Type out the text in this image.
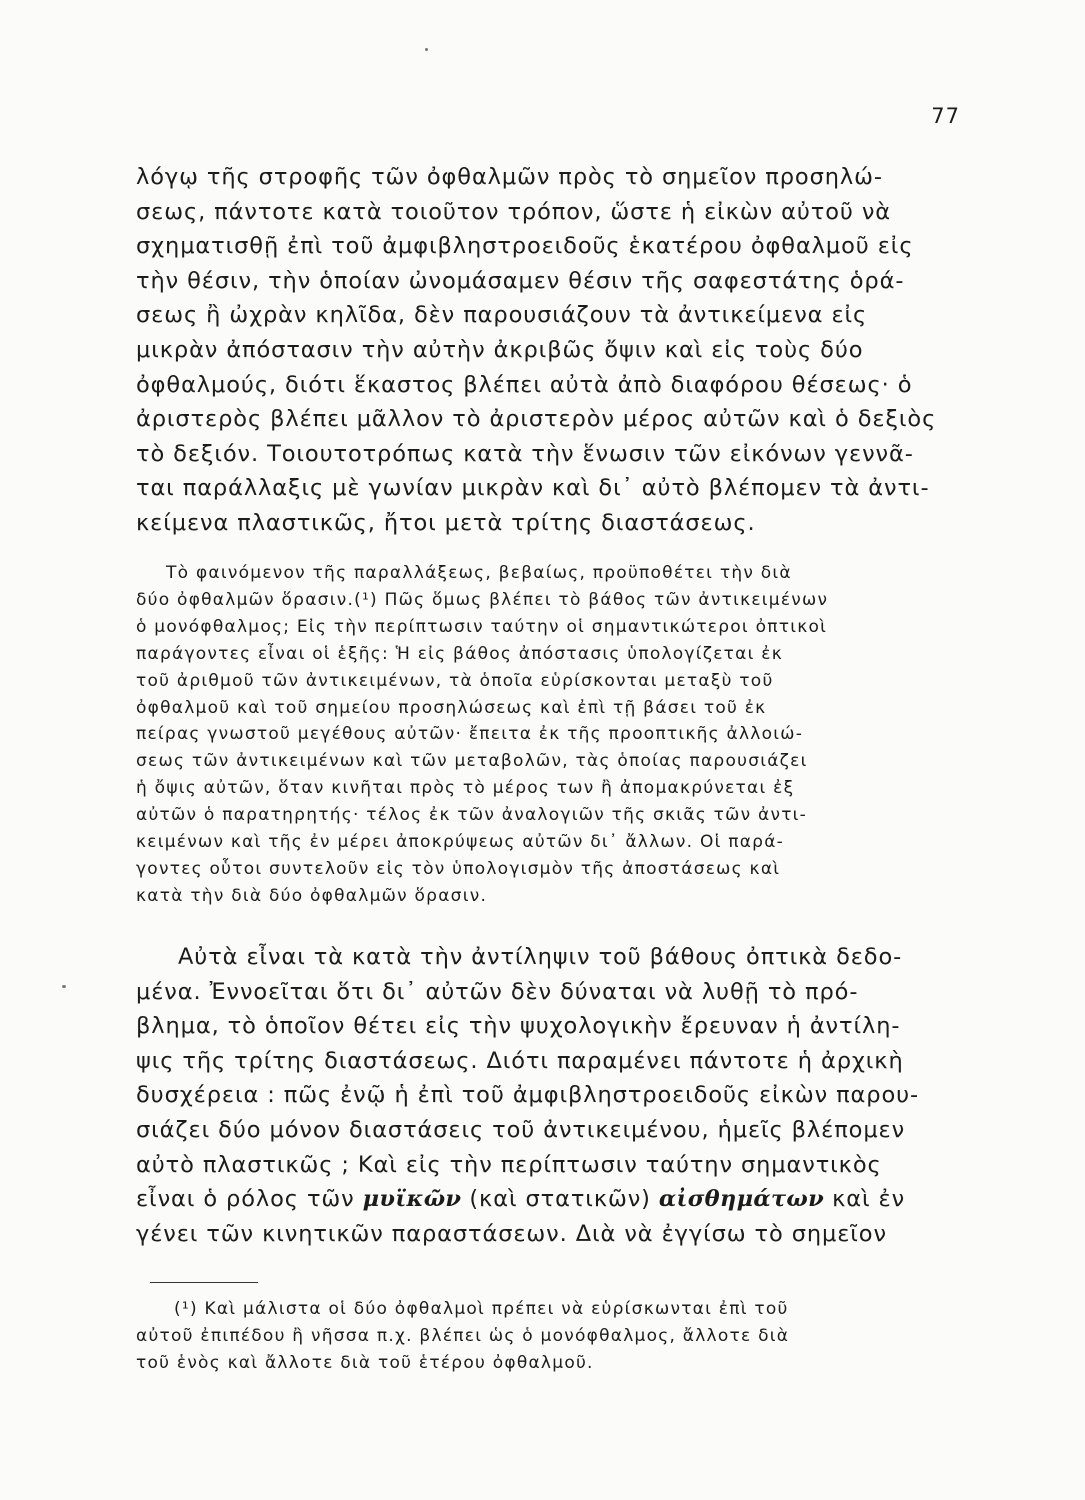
77

λόγῳ τῆς στροφῆς τῶν ὀφθαλμῶν πρὸς τὸ σημεῖον προσηλώ-
σεως, πάντοτε κατὰ τοιοῦτον τρόπον, ὥστε ἡ εἰκὼν αὐτοῦ νὰ
σχηματισθῇ ἐπὶ τοῦ ἀμφιβληστροειδοῦς ἑκατέρου ὀφθαλμοῦ εἰς
τὴν θέσιν, τὴν ὁποίαν ὠνομάσαμεν θέσιν τῆς σαφεστάτης ὁρά-
σεως ἢ ὠχρὰν κηλῖδα, δὲν παρουσιάζουν τὰ ἀντικείμενα εἰς
μικρὰν ἀπόστασιν τὴν αὐτὴν ἀκριβῶς ὄψιν καὶ εἰς τοὺς δύο
ὀφθαλμούς, διότι ἕκαστος βλέπει αὐτὰ ἀπὸ διαφόρου θέσεως· ὁ
ἀριστερὸς βλέπει μᾶλλον τὸ ἀριστερὸν μέρος αὐτῶν καὶ ὁ δεξιὸς
τὸ δεξιόν. Τοιουτοτρόπως κατὰ τὴν ἕνωσιν τῶν εἰκόνων γεννᾶ-
ται παράλλαξις μὲ γωνίαν μικρὰν καὶ δι᾽ αὐτὸ βλέπομεν τὰ ἀντι-
κείμενα πλαστικῶς, ἤτοι μετὰ τρίτης διαστάσεως.

Τὸ φαινόμενον τῆς παραλλάξεως, βεβαίως, προϋποθέτει τὴν διὰ
δύο ὀφθαλμῶν ὅρασιν.(¹) Πῶς ὅμως βλέπει τὸ βάθος τῶν ἀντικειμένων
ὁ μονόφθαλμος; Εἰς τὴν περίπτωσιν ταύτην οἱ σημαντικώτεροι ὀπτικοὶ
παράγοντες εἶναι οἱ ἑξῆς: Ἡ εἰς βάθος ἀπόστασις ὑπολογίζεται ἐκ
τοῦ ἀριθμοῦ τῶν ἀντικειμένων, τὰ ὁποῖα εὑρίσκονται μεταξὺ τοῦ
ὀφθαλμοῦ καὶ τοῦ σημείου προσηλώσεως καὶ ἐπὶ τῇ βάσει τοῦ ἐκ
πείρας γνωστοῦ μεγέθους αὐτῶν· ἔπειτα ἐκ τῆς προοπτικῆς ἀλλοιώ-
σεως τῶν ἀντικειμένων καὶ τῶν μεταβολῶν, τὰς ὁποίας παρουσιάζει
ἡ ὄψις αὐτῶν, ὅταν κινῆται πρὸς τὸ μέρος των ἢ ἀπομακρύνεται ἐξ
αὐτῶν ὁ παρατηρητής· τέλος ἐκ τῶν ἀναλογιῶν τῆς σκιᾶς τῶν ἀντι-
κειμένων καὶ τῆς ἐν μέρει ἀποκρύψεως αὐτῶν δι᾽ ἄλλων. Οἱ παρά-
γοντες οὗτοι συντελοῦν εἰς τὸν ὑπολογισμὸν τῆς ἀποστάσεως καὶ
κατὰ τὴν διὰ δύο ὀφθαλμῶν ὅρασιν.

Αὐτὰ εἶναι τὰ κατὰ τὴν ἀντίληψιν τοῦ βάθους ὀπτικὰ δεδο-
μένα. Ἐννοεῖται ὅτι δι᾽ αὐτῶν δὲν δύναται νὰ λυθῇ τὸ πρό-
βλημα, τὸ ὁποῖον θέτει εἰς τὴν ψυχολογικὴν ἔρευναν ἡ ἀντίλη-
ψις τῆς τρίτης διαστάσεως. Διότι παραμένει πάντοτε ἡ ἀρχικὴ
δυσχέρεια : πῶς ἐνῷ ἡ ἐπὶ τοῦ ἀμφιβληστροειδοῦς εἰκὼν παρου-
σιάζει δύο μόνον διαστάσεις τοῦ ἀντικειμένου, ἡμεῖς βλέπομεν
αὐτὸ πλαστικῶς ; Καὶ εἰς τὴν περίπτωσιν ταύτην σημαντικὸς
εἶναι ὁ ρόλος τῶν μυϊκῶν (καὶ στατικῶν) αἰσθημάτων καὶ ἐν
γένει τῶν κινητικῶν παραστάσεων. Διὰ νὰ ἐγγίσω τὸ σημεῖον

(¹) Καὶ μάλιστα οἱ δύο ὀφθαλμοὶ πρέπει νὰ εὑρίσκωνται ἐπὶ τοῦ
αὐτοῦ ἐπιπέδου ἢ νῆσσα π.χ. βλέπει ὡς ὁ μονόφθαλμος, ἄλλοτε διὰ
τοῦ ἑνὸς καὶ ἄλλοτε διὰ τοῦ ἑτέρου ὀφθαλμοῦ.
